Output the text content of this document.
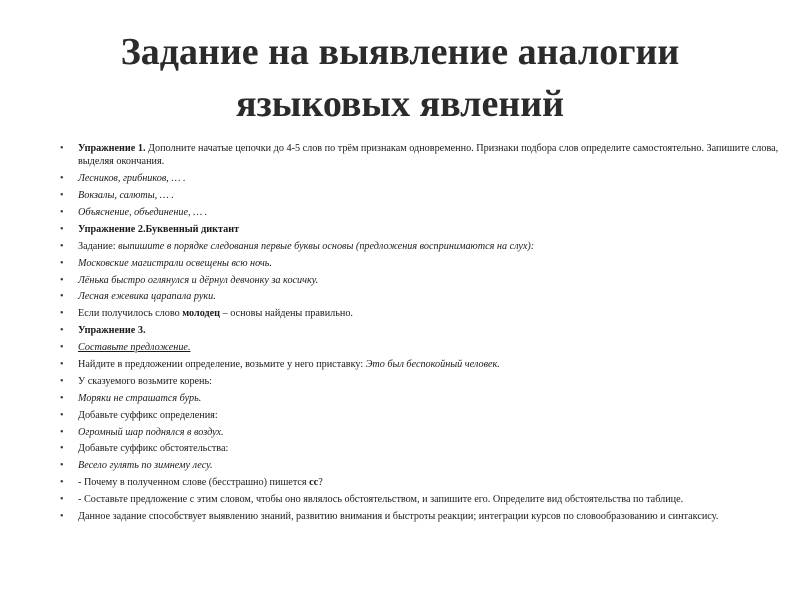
Задание на выявление аналогии
языковых явлений
• Упражнение 1. Дополните начатые цепочки до 4-5 слов по трём признакам одновременно. Признаки подбора слов определите самостоятельно. Запишите слова, выделяя окончания.
• Лесников, грибников, … .
• Вокзалы, салюты, … .
• Объяснение, объединение, … .
• Упражнение 2.Буквенный диктант
• Задание: выпишите в порядке следования первые буквы основы (предложения воспринимаются на слух):
• Московские магистрали освещены всю ночь.
• Лёнька быстро оглянулся и дёрнул девчонку за косичку.
• Лесная ежевика царапала руки.
• Если получилось слово молодец – основы найдены правильно.
• Упражнение 3.
• Составьте предложение.
• Найдите в предложении определение, возьмите у него приставку: Это был беспокойный человек.
• У сказуемого возьмите корень:
• Моряки не страшатся бурь.
• Добавьте суффикс определения:
• Огромный шар поднялся в воздух.
• Добавьте суффикс обстоятельства:
• Весело гулять по зимнему лесу.
• - Почему в полученном слове (бесстрашно) пишется сс?
• - Составьте предложение с этим словом, чтобы оно являлось обстоятельством, и запишите его. Определите вид обстоятельства по таблице.
• Данное задание способствует выявлению знаний, развитию внимания и быстроты реакции; интеграции курсов по словообразованию и синтаксису.
